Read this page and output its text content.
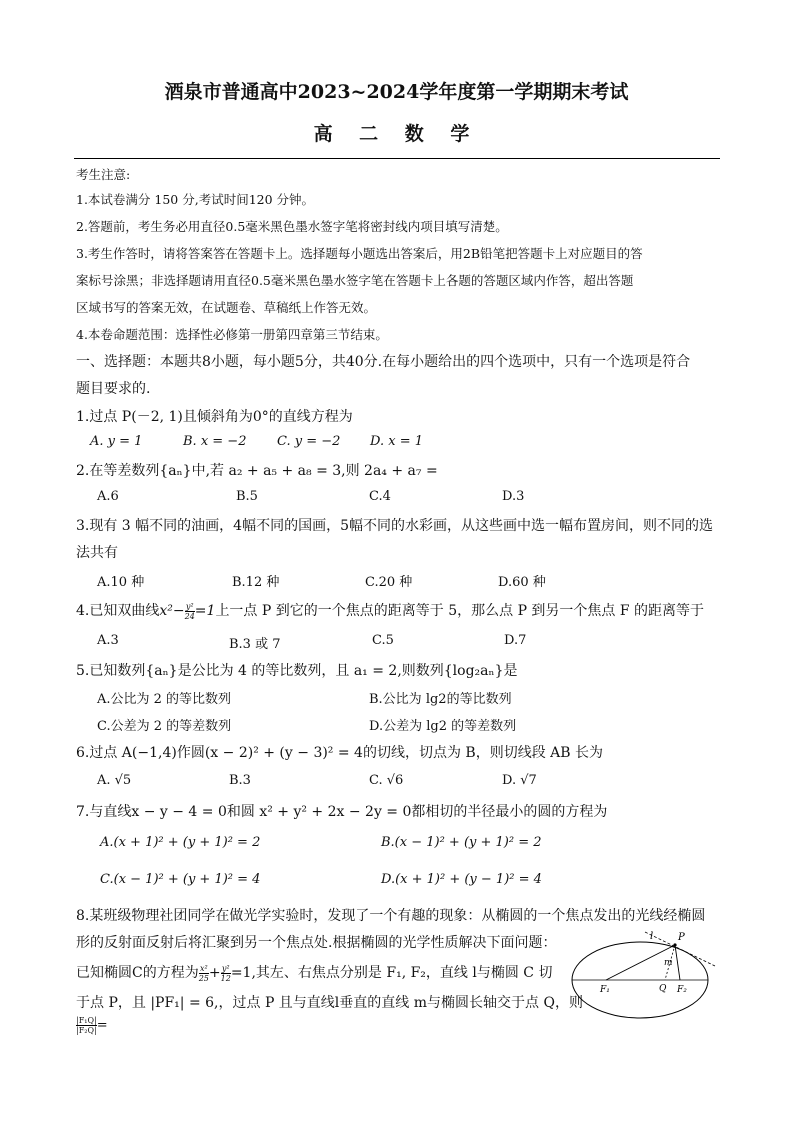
酒泉市普通高中2023~2024学年度第一学期期末考试
高 二 数 学
考生注意:
1.本试卷满分 150 分,考试时间120 分钟。
2.答题前，考生务必用直径0.5毫米黑色墨水签字笔将密封线内项目填写清楚。
3.考生作答时，请将答案答在答题卡上。选择题每小题选出答案后，用2B铅笔把答题卡上对应题目的答
案标号涂黑；非选择题请用直径0.5毫米黑色墨水签字笔在答题卡上各题的答题区域内作答，超出答题
区域书写的答案无效，在试题卷、草稿纸上作答无效。
4.本卷命题范围：选择性必修第一册第四章第三节结束。
一、选择题：本题共8小题，每小题5分，共40分.在每小题给出的四个选项中，只有一个选项是符合
题目要求的.
1.过点 P(－2, 1)且倾斜角为0°的直线方程为
A. y = 1	B. x = −2 C. y = −2 D. x = 1
2.在等差数列{aₙ}中,若 a₂ + a₅ + a₈ = 3,则 2a₄ + a₇ =
A.6	B.5	C.4	D.3
3.现有 3 幅不同的油画，4幅不同的国画，5幅不同的水彩画，从这些画中选一幅布置房间，则不同的选
法共有
A.10 种	B.12 种	C.20 种	D.60 种
4.已知双曲线$x^2- \frac{\text{y²}}{24} =1$上一点 P 到它的一个焦点的距离等于 5，那么点 P 到另一个焦点 F 的距离等于
A.3	B.3 或 7	C.5	D.7
5.已知数列{aₙ}是公比为 4 的等比数列，且 a₁ = 2,则数列{log₂aₙ}是
A.公比为 2 的等比数列	B.公比为 lg2的等比数列
C.公差为 2 的等差数列	D.公差为 lg2 的等差数列
6.过点 A(−1,4)作圆(x − 2)² + (y − 3)² = 4的切线，切点为 B，则切线段 AB 长为
A. √5	B.3	C. √6	D. √7
7.与直线x − y − 4 = 0和圆 x² + y² + 2x − 2y = 0都相切的半径最小的圆的方程为
A.(x + 1)² + (y + 1)² = 2	B.(x − 1)² + (y + 1)² = 2
C.(x − 1)² + (y + 1)² = 4	D.(x + 1)² + (y − 1)² = 4
8.某班级物理社团同学在做光学实验时，发现了一个有趣的现象：从椭圆的一个焦点发出的光线经椭圆
形的反射面反射后将汇聚到另一个焦点处.根据椭圆的光学性质解决下面问题：
已知椭圆C的方程为 $\frac{\text{x²}}{25} + \frac{\text{y²}}{12} =1$,其左、右焦点分别是 F₁, F₂，直线 l与椭圆 C 切
于点 P，且 |PF₁| = 6,，过点 P 且与直线l垂直的直线 m与椭圆长轴交于点 Q，则
$\frac{\text{|F₁Q|}}{\text{|F₂Q|}}$ =
l P
m
F₁	Q F₂
